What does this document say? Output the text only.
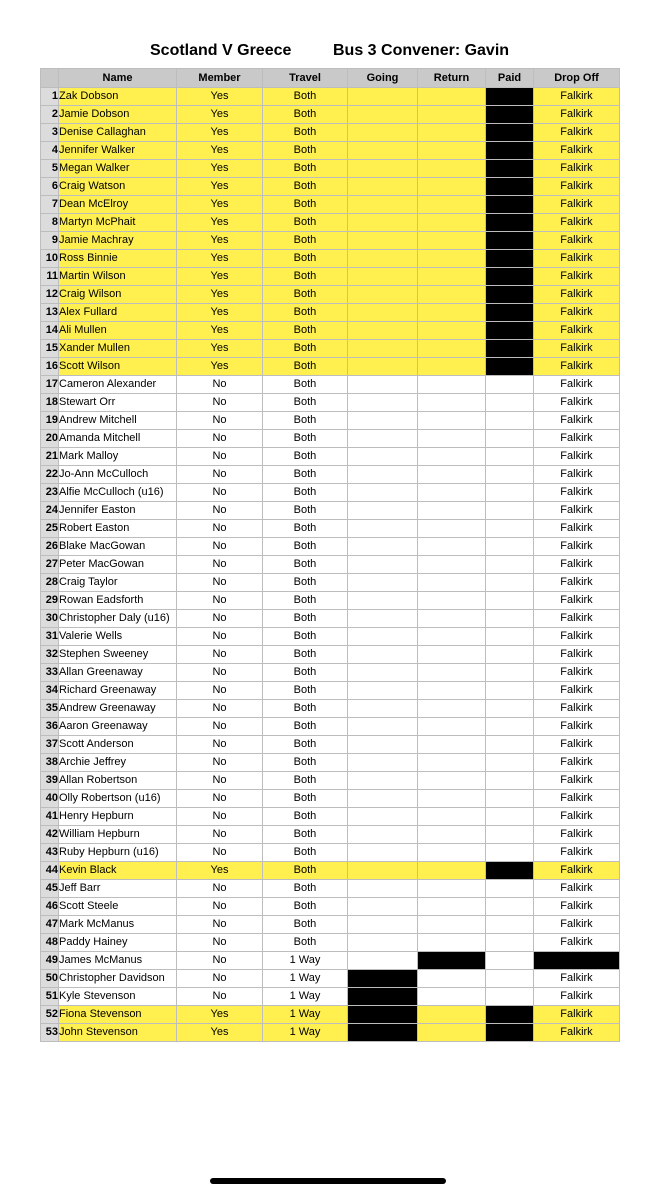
Scotland V Greece	Bus 3 Convener: Gavin
	Name	Member	Travel	Going	Return	Paid	Drop Off
1	Zak Dobson	Yes	Both				Falkirk
2	Jamie Dobson	Yes	Both				Falkirk
3	Denise Callaghan	Yes	Both				Falkirk
4	Jennifer Walker	Yes	Both				Falkirk
5	Megan Walker	Yes	Both				Falkirk
6	Craig Watson	Yes	Both				Falkirk
7	Dean McElroy	Yes	Both				Falkirk
8	Martyn McPhait	Yes	Both				Falkirk
9	Jamie Machray	Yes	Both				Falkirk
10	Ross Binnie	Yes	Both				Falkirk
11	Martin Wilson	Yes	Both				Falkirk
12	Craig Wilson	Yes	Both				Falkirk
13	Alex Fullard	Yes	Both				Falkirk
14	Ali Mullen	Yes	Both				Falkirk
15	Xander Mullen	Yes	Both				Falkirk
16	Scott Wilson	Yes	Both				Falkirk
17	Cameron Alexander	No	Both				Falkirk
18	Stewart Orr	No	Both				Falkirk
19	Andrew Mitchell	No	Both				Falkirk
20	Amanda Mitchell	No	Both				Falkirk
21	Mark Malloy	No	Both				Falkirk
22	Jo-Ann McCulloch	No	Both				Falkirk
23	Alfie McCulloch (u16)	No	Both				Falkirk
24	Jennifer Easton	No	Both				Falkirk
25	Robert Easton	No	Both				Falkirk
26	Blake MacGowan	No	Both				Falkirk
27	Peter MacGowan	No	Both				Falkirk
28	Craig Taylor	No	Both				Falkirk
29	Rowan Eadsforth	No	Both				Falkirk
30	Christopher Daly (u16)	No	Both				Falkirk
31	Valerie Wells	No	Both				Falkirk
32	Stephen Sweeney	No	Both				Falkirk
33	Allan Greenaway	No	Both				Falkirk
34	Richard Greenaway	No	Both				Falkirk
35	Andrew Greenaway	No	Both				Falkirk
36	Aaron Greenaway	No	Both				Falkirk
37	Scott Anderson	No	Both				Falkirk
38	Archie Jeffrey	No	Both				Falkirk
39	Allan Robertson	No	Both				Falkirk
40	Olly Robertson (u16)	No	Both				Falkirk
41	Henry Hepburn	No	Both				Falkirk
42	William Hepburn	No	Both				Falkirk
43	Ruby Hepburn (u16)	No	Both				Falkirk
44	Kevin Black	Yes	Both				Falkirk
45	Jeff Barr	No	Both				Falkirk
46	Scott Steele	No	Both				Falkirk
47	Mark McManus	No	Both				Falkirk
48	Paddy Hainey	No	Both				Falkirk
49	James McManus	No	1 Way				
50	Christopher Davidson	No	1 Way				Falkirk
51	Kyle Stevenson	No	1 Way				Falkirk
52	Fiona Stevenson	Yes	1 Way				Falkirk
53	John Stevenson	Yes	1 Way				Falkirk
